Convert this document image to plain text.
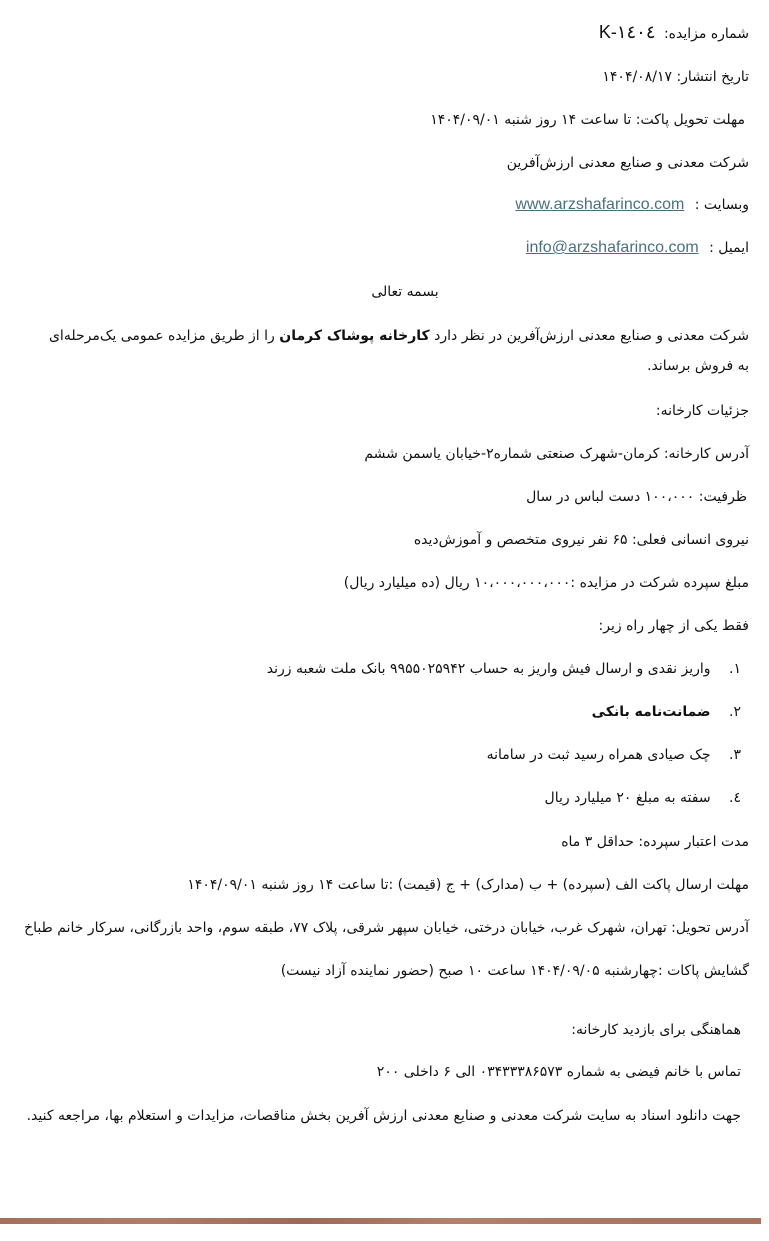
شماره مزایده: K-۱٤۰٤
تاریخ انتشار: ۱۴۰۴/۰۸/۱۷
مهلت تحویل پاکت: تا ساعت ۱۴ روز شنبه ۱۴۰۴/۰۹/۰۱
شرکت معدنی و صنایع معدنی ارزش‌آفرین
وبسایت : www.arzshafarinco.com
ایمیل : info@arzshafarinco.com
بسمه تعالی
شرکت معدنی و صنایع معدنی ارزش‌آفرین در نظر دارد کارخانه پوشاک کرمان را از طریق مزایده عمومی یک‌مرحله‌ای به فروش برساند.
جزئیات کارخانه:
آدرس کارخانه: کرمان-شهرک صنعتی شماره۲-خیابان یاسمن ششم
ظرفیت: ۱۰۰،۰۰۰ دست لباس در سال
نیروی انسانی فعلی: ۶۵ نفر نیروی متخصص و آموزش‌دیده
مبلغ سپرده شرکت در مزایده :۱۰،۰۰۰،۰۰۰،۰۰۰ ریال (ده میلیارد ریال)
فقط یکی از چهار راه زیر:
۱. واریز نقدی و ارسال فیش واریز به حساب ۹۹۵۵۰۲۵۹۴۲ بانک ملت شعبه زرند
۲. ضمانت‌نامه بانکی
۳. چک صیادی همراه رسید ثبت در سامانه
٤. سفته به مبلغ ۲۰ میلیارد ریال
مدت اعتبار سپرده: حداقل ۳ ماه
مهلت ارسال پاکت الف (سپرده) + ب (مدارک) + ج (قیمت) :تا ساعت ۱۴ روز شنبه ۱۴۰۴/۰۹/۰۱
آدرس تحویل: تهران، شهرک غرب، خیابان درختی، خیابان سپهر شرقی، پلاک ۷۷، طبقه سوم، واحد بازرگانی، سرکار خانم طباخ
گشایش پاکات :چهارشنبه ۱۴۰۴/۰۹/۰۵ ساعت ۱۰ صبح (حضور نماینده آزاد نیست)
هماهنگی برای بازدید کارخانه:
تماس با خانم فیضی به شماره ۰۳۴۳۳۳۸۶۵۷۳ الی ۶ داخلی ۲۰۰
جهت دانلود اسناد به سایت شرکت معدنی و صنایع معدنی ارزش آفرین بخش مناقصات، مزایدات و استعلام بها، مراجعه کنید.
